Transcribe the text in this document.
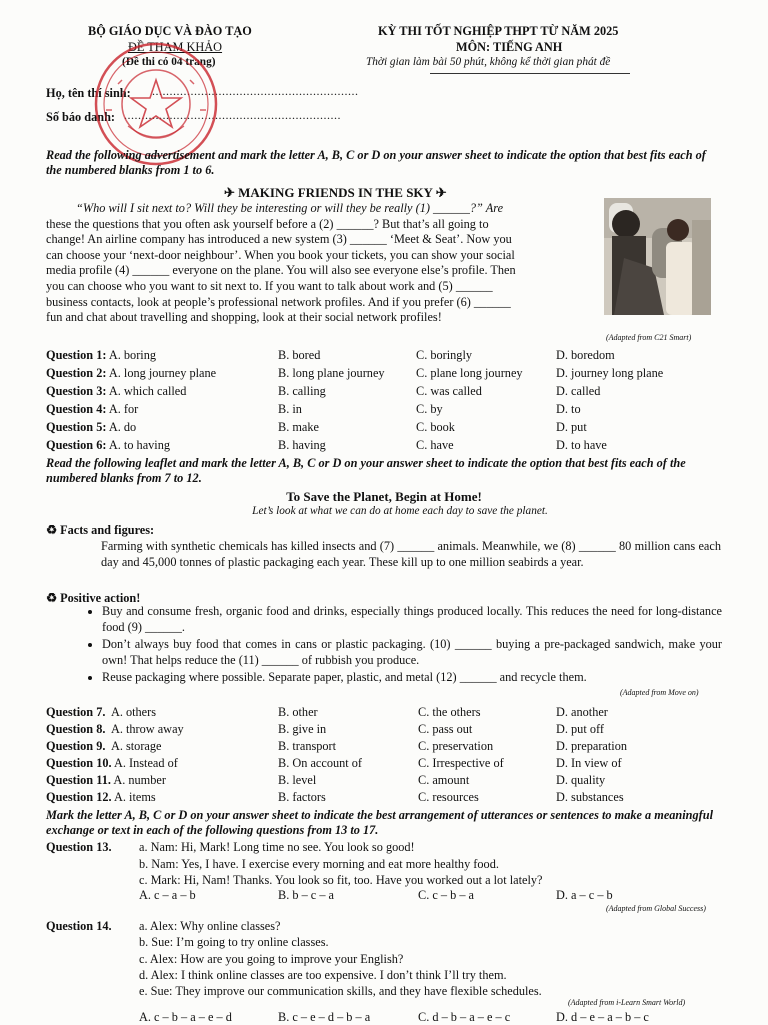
BỘ GIÁO DỤC VÀ ĐÀO TẠO
ĐỀ THAM KHẢO
(Đề thi có 04 trang)
KỲ THI TỐT NGHIỆP THPT TỪ NĂM 2025
MÔN: TIẾNG ANH
Thời gian làm bài 50 phút, không kể thời gian phát đề
Họ, tên thí sinh: ...........................................................
Số báo danh: ..............................................................
Read the following advertisement and mark the letter A, B, C or D on your answer sheet to indicate the option that best fits each of the numbered blanks from 1 to 6.
✈ MAKING FRIENDS IN THE SKY ✈
“Who will I sit next to? Will they be interesting or will they be really (1) ______?” Are
these the questions that you often ask yourself before a (2) ______? But that’s all going to
change! An airline company has introduced a new system (3) ______ ‘Meet & Seat’. Now you
can choose your ‘next-door neighbour’. When you book your tickets, you can show your social
media profile (4) ______ everyone on the plane. You will also see everyone else’s profile. Then
you can choose who you want to sit next to. If you want to talk about work and (5) ______
business contacts, look at people’s professional network profiles. And if you prefer (6) ______
fun and chat about travelling and shopping, look at their social network profiles!
(Adapted from C21 Smart)
Question 1: A. boring	B. bored	C. boringly	D. boredom
Question 2: A. long journey plane	B. long plane journey	C. plane long journey	D. journey long plane
Question 3: A. which called	B. calling	C. was called	D. called
Question 4: A. for	B. in	C. by	D. to
Question 5: A. do	B. make	C. book	D. put
Question 6: A. to having	B. having	C. have	D. to have
Read the following leaflet and mark the letter A, B, C or D on your answer sheet to indicate the option that best fits each of the numbered blanks from 7 to 12.
To Save the Planet, Begin at Home!
Let’s look at what we can do at home each day to save the planet.
♻ Facts and figures:
Farming with synthetic chemicals has killed insects and (7) ______ animals. Meanwhile, we (8) ______ 80 million cans each day and 45,000 tonnes of plastic packaging each year. These kill up to one million seabirds a year.
♻ Positive action!
• Buy and consume fresh, organic food and drinks, especially things produced locally. This reduces the need for long-distance food (9) ______.
• Don’t always buy food that comes in cans or plastic packaging. (10) ______ buying a pre-packaged sandwich, make your own! That helps reduce the (11) ______ of rubbish you produce.
• Reuse packaging where possible. Separate paper, plastic, and metal (12) ______ and recycle them.
(Adapted from Move on)
Question 7. A. others	B. other	C. the others	D. another
Question 8. A. throw away	B. give in	C. pass out	D. put off
Question 9. A. storage	B. transport	C. preservation	D. preparation
Question 10. A. Instead of	B. On account of	C. Irrespective of	D. In view of
Question 11. A. number	B. level	C. amount	D. quality
Question 12. A. items	B. factors	C. resources	D. substances
Mark the letter A, B, C or D on your answer sheet to indicate the best arrangement of utterances or sentences to make a meaningful exchange or text in each of the following questions from 13 to 17.
Question 13. a. Nam: Hi, Mark! Long time no see. You look so good!
b. Nam: Yes, I have. I exercise every morning and eat more healthy food.
c. Mark: Hi, Nam! Thanks. You look so fit, too. Have you worked out a lot lately?
A. c – a – b	B. b – c – a	C. c – b – a	D. a – c – b
(Adapted from Global Success)
Question 14. a. Alex: Why online classes?
b. Sue: I’m going to try online classes.
c. Alex: How are you going to improve your English?
d. Alex: I think online classes are too expensive. I don’t think I’ll try them.
e. Sue: They improve our communication skills, and they have flexible schedules.
(Adapted from i-Learn Smart World)
A. c – b – a – e – d	B. c – e – d – b – a	C. d – b – a – e – c	D. d – e – a – b – c
